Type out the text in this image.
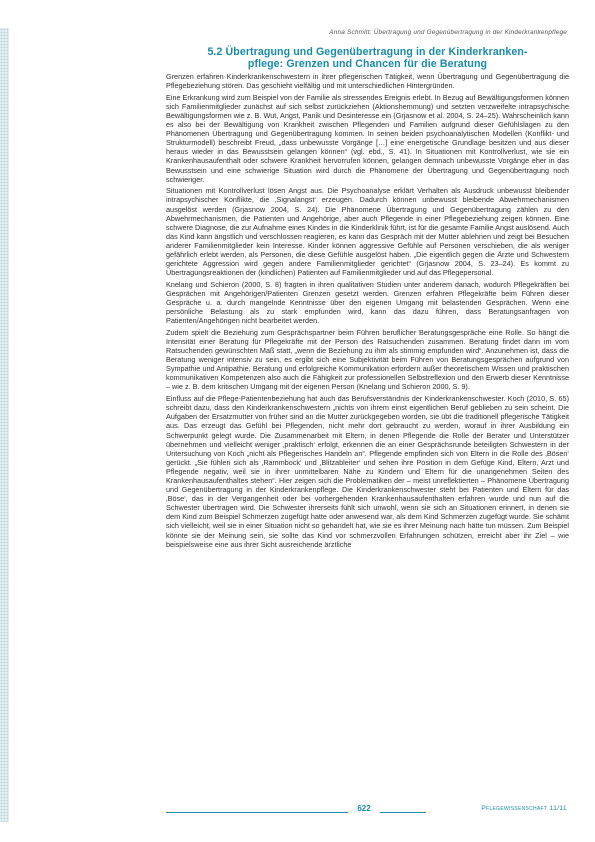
Anna Schmitt: Übertragung und Gegenübertragung in der Kinderkrankenpflege
5.2 Übertragung und Gegenübertragung in der Kinderkranken-
pflege: Grenzen und Chancen für die Beratung

Grenzen erfahren Kinderkrankenschwestern in ihrer pflegerischen Tätigkeit, wenn Übertragung und Gegenübertragung die Pflegebeziehung stören. Das geschieht vielfältig und mit unterschiedlichen Hintergründen.

Eine Erkrankung wird zum Beispiel von der Familie als stressendes Ereignis erlebt. In Bezug auf Bewältigungsformen können sich Familienmitglieder zunächst auf sich selbst zurückziehen (Aktionshemmung) und setzten verzweifelte intrapsychische Bewältigungsformen wie z. B. Wut, Angst, Panik und Desinteresse ein (Grjasnow et al. 2004, S. 24–25). Wahrscheinlich kann es also bei der Bewältigung von Krankheit zwischen Pflegenden und Familien aufgrund dieser Gefühlslagen zu den Phänomenen Übertragung und Gegenübertragung kommen. In seinen beiden psychoanalytischen Modellen (Konflikt- und Strukturmodell) beschreibt Freud, „dass unbewusste Vorgänge […] eine energetische Grundlage besitzen und aus dieser heraus wieder in das Bewusstsein gelangen können“ (vgl. ebd., S. 41). In Situationen mit Kontrollverlust, wie sie ein Krankenhausaufenthalt oder schwere Krankheit hervorrufen können, gelangen demnach unbewusste Vorgänge eher in das Bewusstsein und eine schwierige Situation wird durch die Phänomene der Übertragung und Gegenübertragung noch schwieriger.

Situationen mit Kontrollverlust lösen Angst aus. Die Psychoanalyse erklärt Verhalten als Ausdruck unbewusst bleibender intrapsychischer Konflikte, die ‚Signalangst‘ erzeugen. Dadurch können unbewusst bleibende Abwehrmechanismen ausgelöst werden (Grjasnow 2004, S. 24). Die Phänomene Übertragung und Gegenübertragung zählen zu den Abwehrmechanismen, die Patienten und Angehörige, aber auch Pflegende in einer Pflegebeziehung zeigen können. Eine schwere Diagnose, die zur Aufnahme eines Kindes in die Kinderklinik führt, ist für die gesamte Familie Angst auslösend. Auch das Kind kann ängstlich und verschlossen reagieren, es kann das Gespräch mit der Mutter ablehnen und zeigt bei Besuchen anderer Familienmitglieder kein Interesse. Kinder können aggressive Gefühle auf Personen verschieben, die als weniger gefährlich erlebt werden, als Personen, die diese Gefühle ausgelöst haben. „Die eigentlich gegen die Ärzte und Schwestern gerichtete Aggression wird gegen andere Familienmitglieder gerichtet“ (Grjasnow 2004, S. 23–24). Es kommt zu Übertragungsreaktionen der (kindlichen) Patienten auf Familienmitglieder und auf das Pflegepersonal.

Knelang und Schieron (2000, S. 8) fragten in ihren qualitativen Studien unter anderem danach, wodurch Pflegekräften bei Gesprächen mit Angehörigen/Patienten Grenzen gesetzt werden. Grenzen erfahren Pflegekräfte beim Führen dieser Gespräche u. a. durch mangelnde Kenntnisse über den eigenen Umgang mit belastenden Gesprächen. Wenn eine persönliche Belastung als zu stark empfunden wird, kann das dazu führen, dass Beratungsanfragen von Patienten/Angehörigen nicht bearbeitet werden.

Zudem spielt die Beziehung zum Gesprächspartner beim Führen beruflicher Beratungsgespräche eine Rolle. So hängt die Intensität einer Beratung für Pflegekräfte mit der Person des Ratsuchenden zusammen. Beratung findet dann im vom Ratsuchenden gewünschten Maß statt, „wenn die Beziehung zu ihm als stimmig empfunden wird“. Anzunehmen ist, dass die Beratung weniger intensiv zu sein, es ergibt sich eine Subjektivität beim Führen von Beratungsgesprächen aufgrund von Sympathie und Antipathie. Beratung und erfolgreiche Kommunikation erfordern außer theoretischem Wissen und praktischen kommunikativen Kompetenzen also auch die Fähigkeit zur professionellen Selbstreflexion und den Erwerb dieser Kenntnisse – wie z. B. dem kritischen Umgang mit der eigenen Person (Knelang und Schieron 2000, S. 9).

Einfluss auf die Pflege-Patientenbeziehung hat auch das Berufsverständnis der Kinderkrankenschwester. Koch (2010, S. 65) schreibt dazu, dass den Kinderkrankenschwestern „nichts von ihrem einst eigentlichen Beruf geblieben zu sein scheint. Die Aufgaben der Ersatzmutter von früher sind an die Mutter zurückgegeben worden, sie übt die traditionell pflegerische Tätigkeit aus. Das erzeugt das Gefühl bei Pflegenden, nicht mehr dort gebraucht zu werden, worauf in ihrer Ausbildung ein Schwerpunkt gelegt wurde. Die Zusammenarbeit mit Eltern, in denen Pflegende die Rolle der Berater und Unterstützer übernehmen und vielleicht weniger ‚praktisch‘ erfolgt, erkennen die an einer Gesprächsrunde beteiligten Schwestern in der Untersuchung von Koch „nicht als Pflegerisches Handeln an“. Pflegende empfinden sich von Eltern in die Rolle des ‚Bösen‘ gerückt. „Sie fühlen sich als ‚Rammbock‘ und ‚Blitzableiter‘ und sehen ihre Position in dem Gefüge Kind, Eltern, Arzt und Pflegende negativ, weil sie in ihrer unmittelbaren Nähe zu Kindern und Eltern für die unangenehmen Seiten des Krankenhausaufenthaltes stehen“. Hier zeigen sich die Problematiken der – meist unreflektierten – Phänomene Übertragung und Gegenübertragung in der Kinderkrankenpflege. Die Kinderkrankenschwester steht bei Patienten und Eltern für das ‚Böse‘, das in der Vergangenheit oder bei vorhergehenden Krankenhausaufenthalten erfahren wurde und nun auf die Schwester übertragen wird. Die Schwester ihrerseits fühlt sich unwohl, wenn sie sich an Situationen erinnert, in denen sie dem Kind zum Beispiel Schmerzen zugefügt hatte oder anwesend war, als dem Kind Schmerzen zugefügt wurde. Sie schämt sich vielleicht, weil sie in einer Situation nicht so gehandelt hat, wie sie es ihrer Meinung nach hätte tun müssen. Zum Beispiel könnte sie der Meinung sein, sie sollte das Kind vor schmerzvollen Erfahrungen schützen, erreicht aber ihr Ziel – wie beispielsweise eine aus ihrer Sicht ausreichende ärztliche

622	Pflegewissenschaft 11/11
